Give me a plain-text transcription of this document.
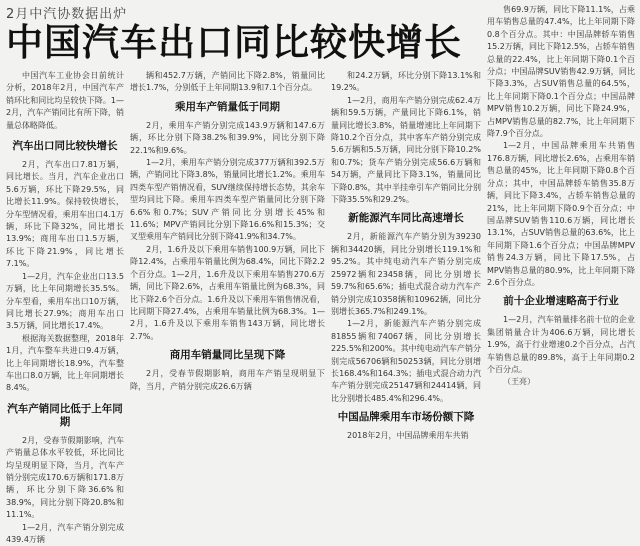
2月中汽协数据出炉
中国汽车出口同比较快增长

中国汽车工业协会日前统计分析，2018年2月，中国汽车产销环比和同比均呈较快下降。1—2月，汽车产销同比有所下降，销量总体略降低。

汽车出口同比较快增长

2月，汽车出口7.81万辆，同比增长。当月，汽车企业出口5.6万辆，环比下降29.5%，同比增长11.9%。保持较快增长，分车型情况看，乘用车出口4.1万辆，环比下降32%，同比增长13.9%；商用车出口1.5万辆，环比下降21.9%，同比增长7.1%。

1—2月，汽车企业出口13.5万辆，比上年同期增长35.5%。分车型看，乘用车出口10万辆，同比增长27.9%；商用车出口3.5万辆，同比增长17.4%。

根据海关数据整理，2018年1月，汽车整车共进口9.4万辆，比上年同期增长18.9%，汽车整车出口8.0万辆，比上年同期增长8.4%。

汽车产销同比低于上年同期

2月，受春节假期影响，汽车产销量总体水平较低，环比同比均呈现明显下降，当月，汽车产销分别完成170.6万辆和171.8万辆，环比分别下降36.6%和38.9%，同比分别下降20.8%和11.1%。

1—2月，汽车产销分别完成439.4万辆

辆和452.7万辆，产销同比下降2.8%，销量同比增长1.7%，分别低于上年同期13.9和7.1个百分点。

乘用车产销量低于同期

2月，乘用车产销分别完成143.9万辆和147.6万辆，环比分别下降38.2%和39.9%，同比分别下降22.1%和9.6%。

1—2月，乘用车产销分别完成377万辆和392.5万辆，产销同比下降3.8%，销量同比增长1.2%。乘用车四类车型产销情况看，SUV继续保持增长态势，其余车型均同比下降。乘用车四类车型产销量同比分别下降6.6%和0.7%；SUV产销同比分别增长45%和11.6%；MPV产销同比分别下降16.6%和15.3%；交叉型乘用车产销同比分别下降41.9%和34.7%。

2月，1.6升及以下乘用车销售100.9万辆，同比下降12.4%，占乘用车销量比例为68.4%，同比下降2.2个百分点。1—2月，1.6升及以下乘用车销售270.6万辆，同比下降2.6%，占乘用车销量比例为68.3%，同比下降2.6个百分点。1.6升及以下乘用车销售情况看，比同期下降27.4%，占乘用车销量比例为68.3%。1—2月，1.6升及以下乘用车销售143万辆，同比增长2.7%。

商用车销量同比呈现下降

2月，受春节假期影响，商用车产销呈现明显下降，当月，产销分别完成26.6万辆

和24.2万辆，环比分别下降13.1%和19.2%。

1—2月，商用车产销分别完成62.4万辆和59.5万辆，产量同比下降6.1%，销量同比增长3.8%，销量增速比上年同期下降10.2个百分点，其中客车产销分别完成5.6万辆和5.5万辆，同比分别下降10.2%和0.7%；货车产销分别完成56.6万辆和54万辆，产量同比下降3.1%，销量同比下降0.8%，其中半挂牵引车产销同比分别下降35.5%和29.2%。

新能源汽车同比高速增长

2月，新能源汽车产销分别为39230辆和34420辆，同比分别增长119.1%和95.2%。其中纯电动汽车产销分别完成25972辆和23458辆，同比分别增长59.7%和65.6%；插电式混合动力汽车产销分别完成10358辆和10962辆，同比分别增长365.7%和249.1%。

1—2月，新能源汽车产销分别完成81855辆和74067辆，同比分别增长225.5%和200%。其中纯电动汽车产销分别完成56706辆和50253辆，同比分别增长168.4%和164.3%；插电式混合动力汽车产销分别完成25147辆和24414辆，同比分别增长485.4%和296.4%。

中国品牌乘用车市场份额下降

2018年2月，中国品牌乘用车共销

售69.9万辆，同比下降11.1%，占乘用车销售总量的47.4%，比上年同期下降0.8个百分点。其中：中国品牌轿车销售15.2万辆，同比下降12.5%，占轿车销售总量的22.4%，比上年同期下降0.1个百分点；中国品牌SUV销售42.9万辆，同比下降3.3%，占SUV销售总量的64.5%，比上年同期下降0.1个百分点；中国品牌MPV销售10.2万辆，同比下降24.9%，占MPV销售总量的82.7%，比上年同期下降7.9个百分点。

1—2月，中国品牌乘用车共销售176.8万辆，同比增长2.6%，占乘用车销售总量的45%，比上年同期下降0.8个百分点；其中，中国品牌轿车销售35.8万辆，同比下降3.4%，占轿车销售总量的21%，比上年同期下降0.9个百分点；中国品牌SUV销售110.6万辆，同比增长13.1%，占SUV销售总量的63.6%，比上年同期下降1.6个百分点；中国品牌MPV销售24.3万辆，同比下降17.5%，占MPV销售总量的80.9%，比上年同期下降2.6个百分点。

前十企业增速略高于行业

1—2月，汽车销量排名前十位的企业集团销量合计为406.6万辆，同比增长1.9%，高于行业增速0.2个百分点，占汽车销售总量的89.8%，高于上年同期0.2个百分点。

（王亮）
